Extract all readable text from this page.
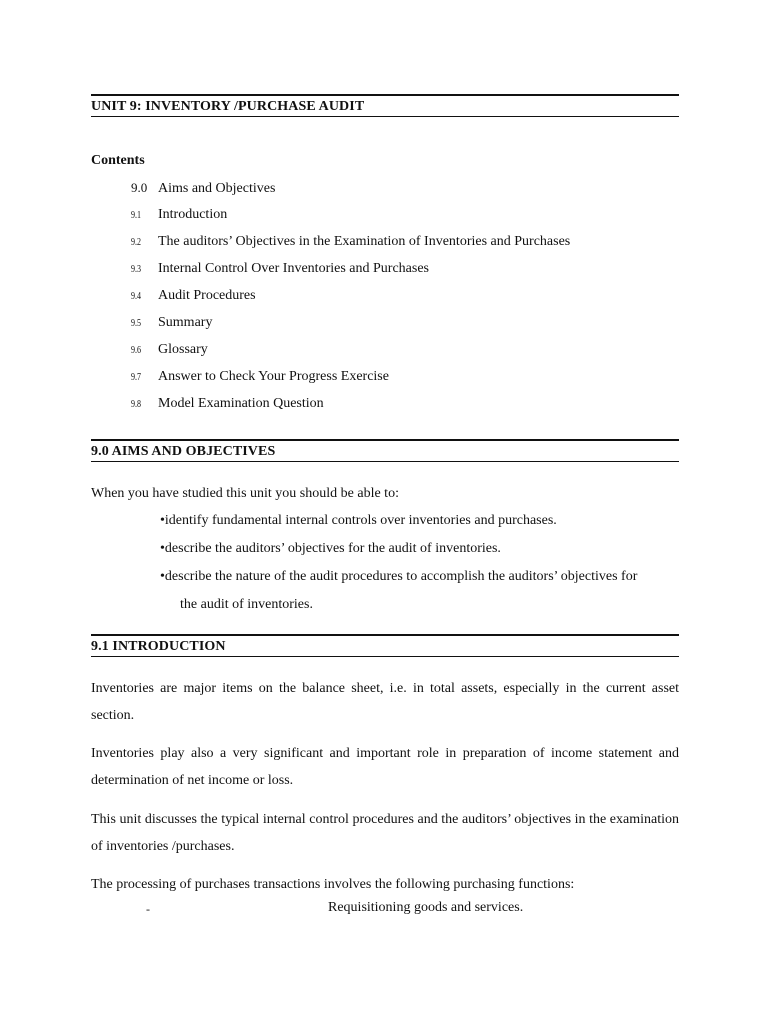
UNIT 9: INVENTORY /PURCHASE AUDIT
Contents
9.0 Aims and Objectives
9.1 Introduction
9.2 The auditors’ Objectives in the Examination of Inventories and Purchases
9.3 Internal Control Over Inventories and Purchases
9.4 Audit Procedures
9.5 Summary
9.6 Glossary
9.7 Answer to Check Your Progress Exercise
9.8 Model Examination Question
9.0 AIMS AND OBJECTIVES

When you have studied this unit you should be able to:

•identify fundamental internal controls over inventories and purchases.
•describe the auditors’ objectives for the audit of inventories.
•describe the nature of the audit procedures to accomplish the auditors’ objectives for
the audit of inventories.
9.1 INTRODUCTION

Inventories are major items on the balance sheet, i.e. in total assets, especially in the current asset section.

Inventories play also a very significant and important role in preparation of income statement and determination of net income or loss.

This unit discusses the typical internal control procedures and the auditors’ objectives in the examination of inventories /purchases.

The processing of purchases transactions involves the following purchasing functions:

-	Requisitioning goods and services.
